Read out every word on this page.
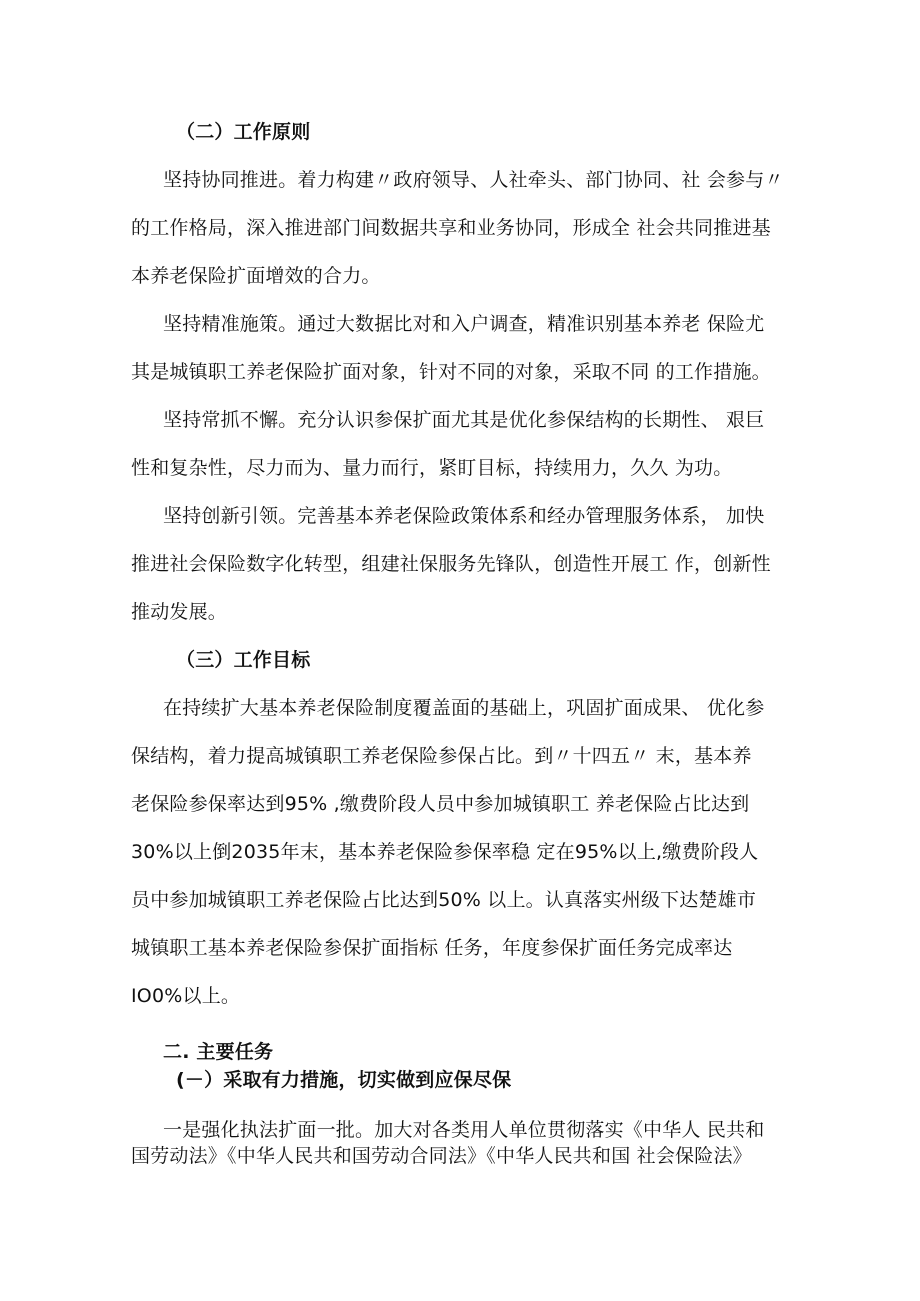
（二）工作原则

坚持协同推进。着力构建〃政府领导、人社牵头、部门协同、社 会参与〃

的工作格局，深入推进部门间数据共享和业务协同，形成全 社会共同推进基

本养老保险扩面增效的合力。

坚持精准施策。通过大数据比对和入户调查，精准识别基本养老 保险尤

其是城镇职工养老保险扩面对象，针对不同的对象，采取不同 的工作措施。

坚持常抓不懈。充分认识参保扩面尤其是优化参保结构的长期性、 艰巨

性和复杂性，尽力而为、量力而行，紧盯目标，持续用力，久久 为功。

坚持创新引领。完善基本养老保险政策体系和经办管理服务体系， 加快

推进社会保险数字化转型，组建社保服务先锋队，创造性开展工 作，创新性

推动发展。

（三）工作目标

在持续扩大基本养老保险制度覆盖面的基础上，巩固扩面成果、 优化参

保结构，着力提高城镇职工养老保险参保占比。到〃十四五〃 末，基本养

老保险参保率达到95% ,缴费阶段人员中参加城镇职工 养老保险占比达到

30%以上倒2035年末，基本养老保险参保率稳 定在95%以上,缴费阶段人

员中参加城镇职工养老保险占比达到50% 以上。认真落实州级下达楚雄市

城镇职工基本养老保险参保扩面指标 任务，年度参保扩面任务完成率达

IO0%以上。

二. 主要任务

(－）采取有力措施，切实做到应保尽保

一是强化执法扩面一批。加大对各类用人单位贯彻落实《中华人 民共和

国劳动法》《中华人民共和国劳动合同法》《中华人民共和国 社会保险法》
